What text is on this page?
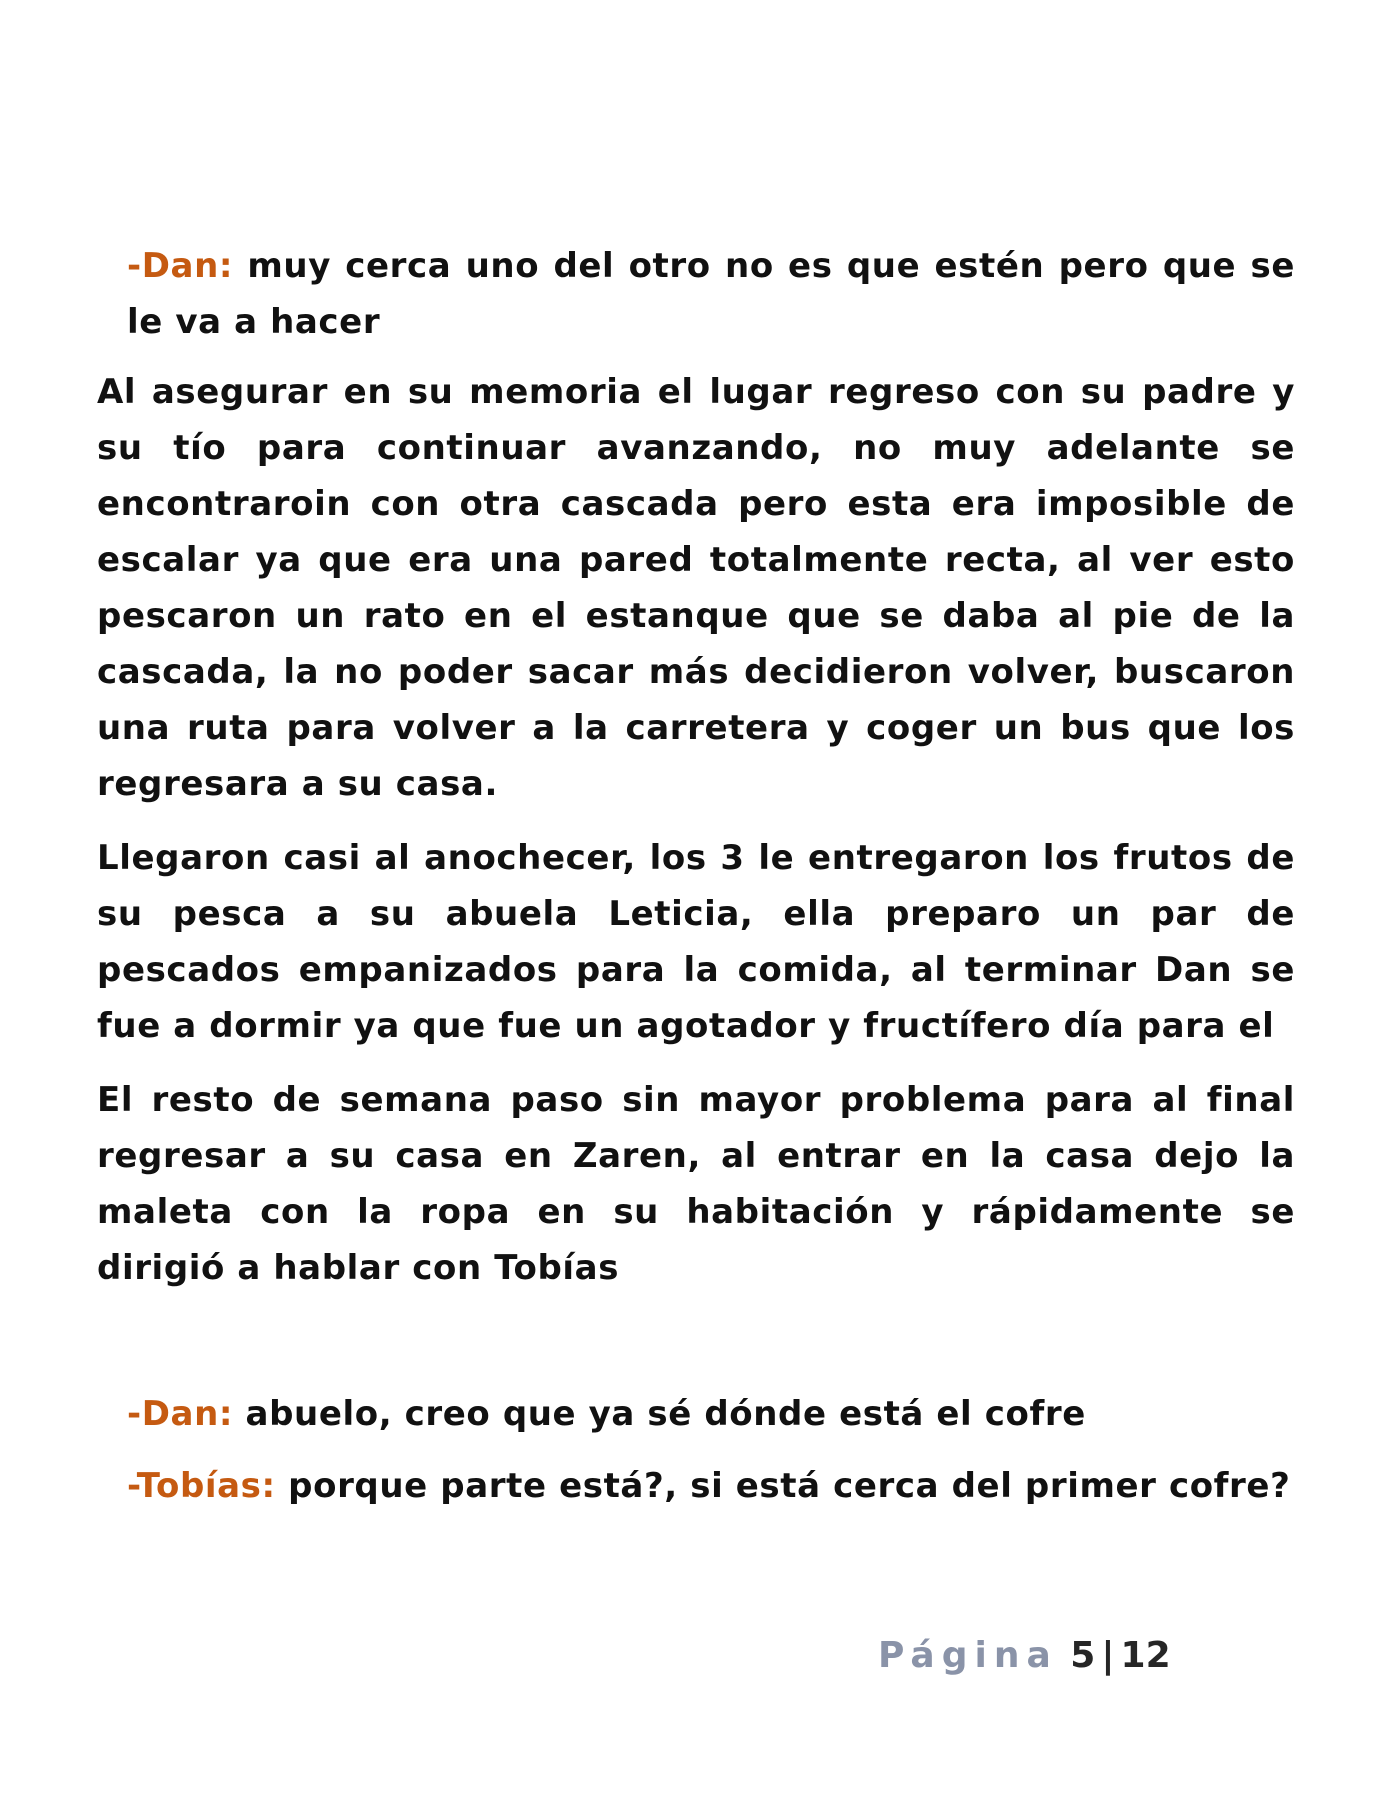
-Dan: muy cerca uno del otro no es que estén pero que se le va a hacer

Al asegurar en su memoria el lugar regreso con su padre y su tío para continuar avanzando, no muy adelante se encontraroin con otra cascada pero esta era imposible de escalar ya que era una pared totalmente recta, al ver esto pescaron un rato en el estanque que se daba al pie de la cascada, la no poder sacar más decidieron volver, buscaron una ruta para volver a la carretera y coger un bus que los regresara a su casa.

Llegaron casi al anochecer, los 3 le entregaron los frutos de su pesca a su abuela Leticia, ella preparo un par de pescados empanizados para la comida, al terminar Dan se fue a dormir ya que fue un agotador y fructífero día para el

El resto de semana paso sin mayor problema para al final regresar a su casa en Zaren, al entrar en la casa dejo la maleta con la ropa en su habitación y rápidamente se dirigió a hablar con Tobías

-Dan: abuelo, creo que ya sé dónde está el cofre

-Tobías: porque parte está?, si está cerca del primer cofre?

Página 5 | 12
